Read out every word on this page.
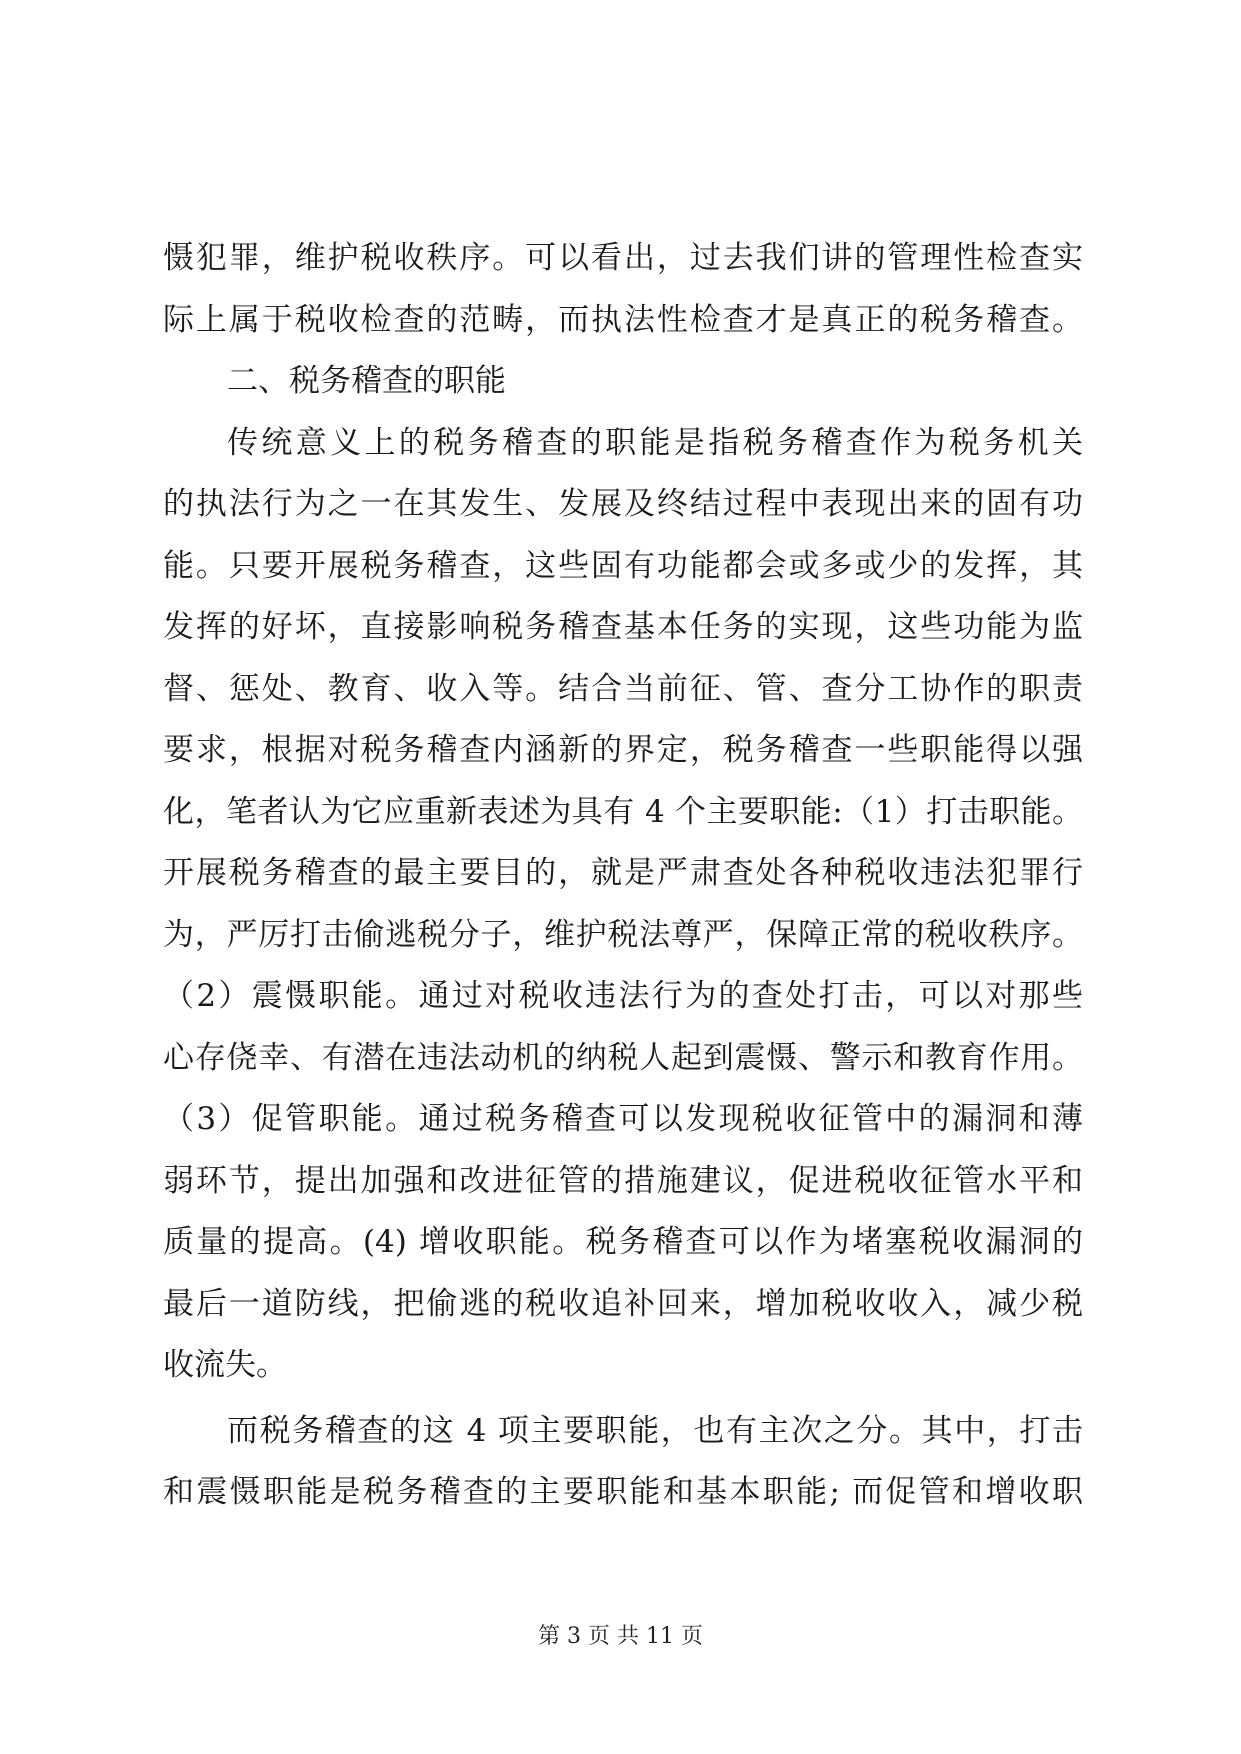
慑犯罪，维护税收秩序。可以看出，过去我们讲的管理性检查实
际上属于税收检查的范畴，而执法性检查才是真正的税务稽查。
二、税务稽查的职能
传统意义上的税务稽查的职能是指税务稽查作为税务机关
的执法行为之一在其发生、发展及终结过程中表现出来的固有功
能。只要开展税务稽查，这些固有功能都会或多或少的发挥，其
发挥的好坏，直接影响税务稽查基本任务的实现，这些功能为监
督、惩处、教育、收入等。结合当前征、管、查分工协作的职责
要求，根据对税务稽查内涵新的界定，税务稽查一些职能得以强
化，笔者认为它应重新表述为具有 4 个主要职能:（1）打击职能。
开展税务稽查的最主要目的，就是严肃查处各种税收违法犯罪行
为，严厉打击偷逃税分子，维护税法尊严，保障正常的税收秩序。
（2）震慑职能。通过对税收违法行为的查处打击，可以对那些
心存侥幸、有潜在违法动机的纳税人起到震慑、警示和教育作用。
（3）促管职能。通过税务稽查可以发现税收征管中的漏洞和薄
弱环节，提出加强和改进征管的措施建议，促进税收征管水平和
质量的提高。(4) 增收职能。税务稽查可以作为堵塞税收漏洞的
最后一道防线，把偷逃的税收追补回来，增加税收收入，减少税
收流失。
而税务稽查的这 4 项主要职能，也有主次之分。其中，打击
和震慑职能是税务稽查的主要职能和基本职能; 而促管和增收职
第 3 页 共 11 页
